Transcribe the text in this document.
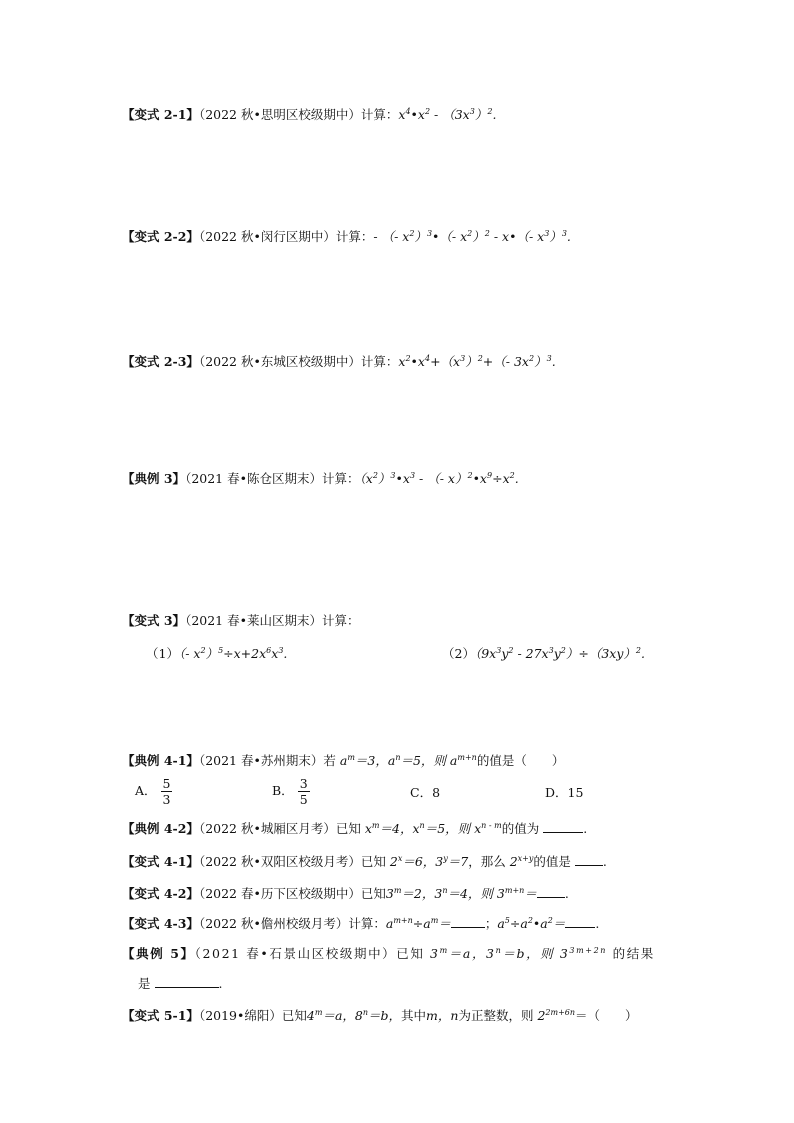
【变式 2-1】（2022 秋•思明区校级期中）计算：$x^4•x^2 - (3x^3)^2$.
【变式 2-2】（2022 秋•闵行区期中）计算：- （- $x^2)^3•(-$ $x^2)^2$ - x•（- $x^3)^3$.
【变式 2-3】（2022 秋•东城区校级期中）计算：$x^2•x^4+(x^3)^2+(-$ $3x^2)^3$.
【典例 3】（2021 春•陈仓区期末）计算：$(x^2)^3•x^3$ - （- $x)^2•x^9\div x^2$.
【变式 3】（2021 春•莱山区期末）计算：
（1）（- $x^2)^5\div x+2x^6x^3$.	$(2)(9x^3y^2 - 27x^3y^2)\div(3xy)^2$.
【典例 4-1】（2021 春•苏州期末）若 $a^m=3$，$a^n=5$，则 $a^{m+n}$的值是（　　）
A． $\frac{5}{3}$	B． $\frac{3}{5}$	C．8	D．15
【典例 4-2】（2022 秋•城厢区月考）已知 $x^m=4$，$x^n=5$，则 $x^{n - m}$的值为	.
【变式 4-1】（2022 秋•双阳区校级月考）已知 $2^x=6$，$3^y=7$，那么 $2^{x+y}$的值是	.
【变式 4-2】（2022 春•历下区校级期中）已知$3^m=2$，$3^n=4$，则 $3^{m+n}=$ .
【变式 4-3】（2022 秋•儋州校级月考）计算：$a^{m+n}\div a^m=$	；$a^5\div a^2•a^2=$ .
【典例 5】（2021 春•石景山区校级期中）已知 $3^m=a$，$3^n=b$，则 $3^{3m+2n}$ 的结果
是	.
【变式 5-1】（2019•绵阳）已知$4^m=a$，$8^n=b$，其中m，n为正整数，则 $2^{2m+6n}=$（　　）
